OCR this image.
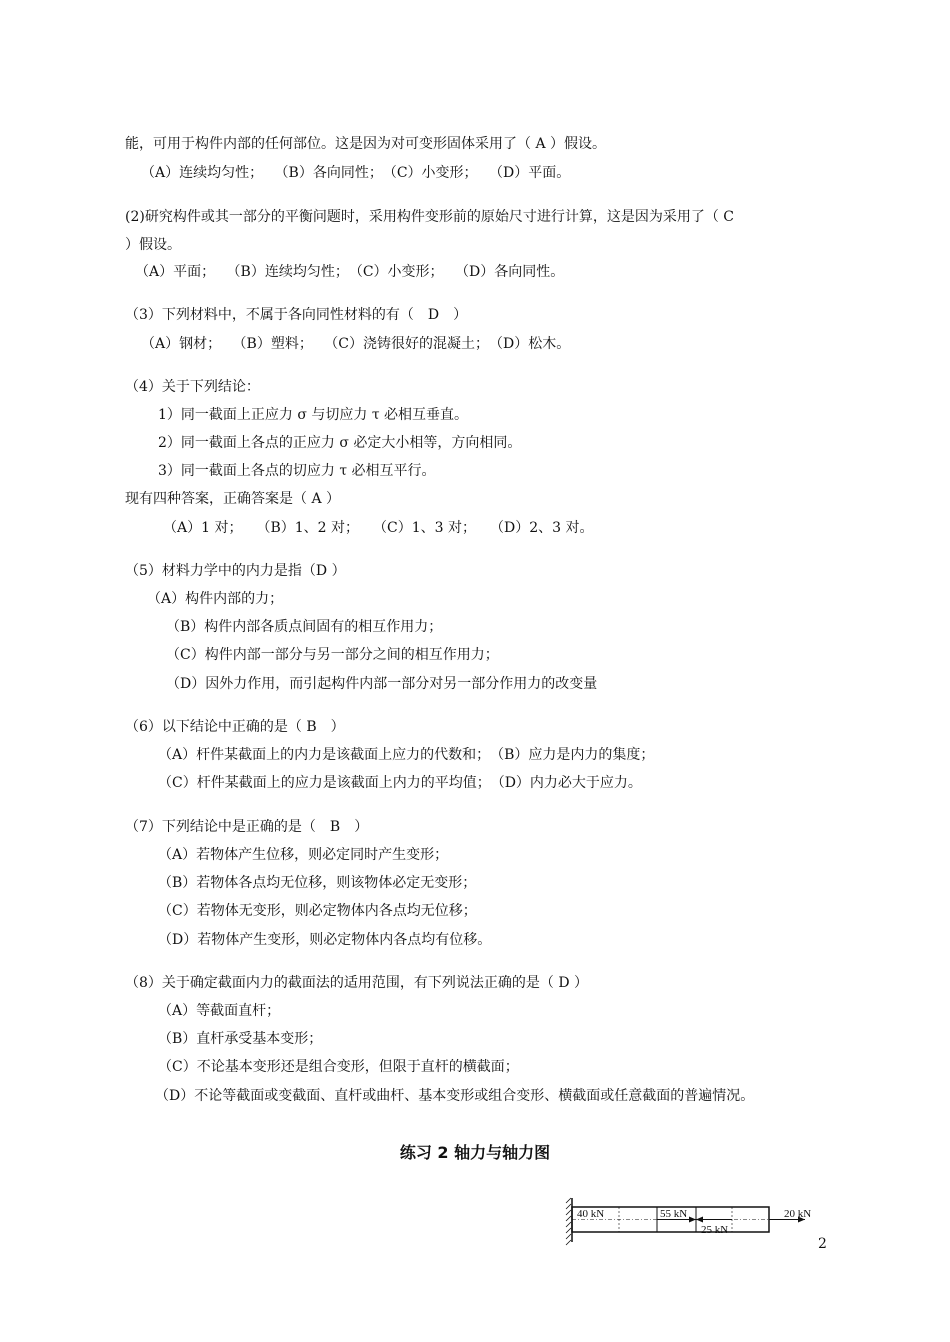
能，可用于构件内部的任何部位。这是因为对可变形固体采用了（ A ）假设。
（A）连续均匀性；　 （B）各向同性；　（C）小变形；　 （D）平面。
(2)研究构件或其一部分的平衡问题时，采用构件变形前的原始尺寸进行计算，这是因为采用了（ C
）假设。
（A）平面；　 （B）连续均匀性；　（C）小变形；　 （D）各向同性。
（3）下列材料中，不属于各向同性材料的有（　D　）
（A）钢材；　 （B）塑料；　 （C）浇铸很好的混凝土；　（D）松木。
（4）关于下列结论：
1）同一截面上正应力 σ 与切应力 τ 必相互垂直。
2）同一截面上各点的正应力 σ 必定大小相等，方向相同。
3）同一截面上各点的切应力 τ 必相互平行。
现有四种答案，正确答案是（ A ）
（A）1 对；　　（B）1、2 对；　　（C）1、3 对；　　（D）2、3 对。
（5）材料力学中的内力是指（D ）
（A）构件内部的力；
（B）构件内部各质点间固有的相互作用力；
（C）构件内部一部分与另一部分之间的相互作用力；
（D）因外力作用，而引起构件内部一部分对另一部分作用力的改变量
（6）以下结论中正确的是（ B　）
（A）杆件某截面上的内力是该截面上应力的代数和；　（B）应力是内力的集度；
（C）杆件某截面上的应力是该截面上内力的平均值；　（D）内力必大于应力。
（7）下列结论中是正确的是（　B　）
（A）若物体产生位移，则必定同时产生变形；
（B）若物体各点均无位移，则该物体必定无变形；
（C）若物体无变形，则必定物体内各点均无位移；
（D）若物体产生变形，则必定物体内各点均有位移。
（8）关于确定截面内力的截面法的适用范围，有下列说法正确的是（ D ）
（A）等截面直杆；
（B）直杆承受基本变形；
（C）不论基本变形还是组合变形，但限于直杆的横截面；
（D）不论等截面或变截面、直杆或曲杆、基本变形或组合变形、横截面或任意截面的普遍情况。
练习 2 轴力与轴力图
40 kN	55 kN
25 kN
20 kN
2
